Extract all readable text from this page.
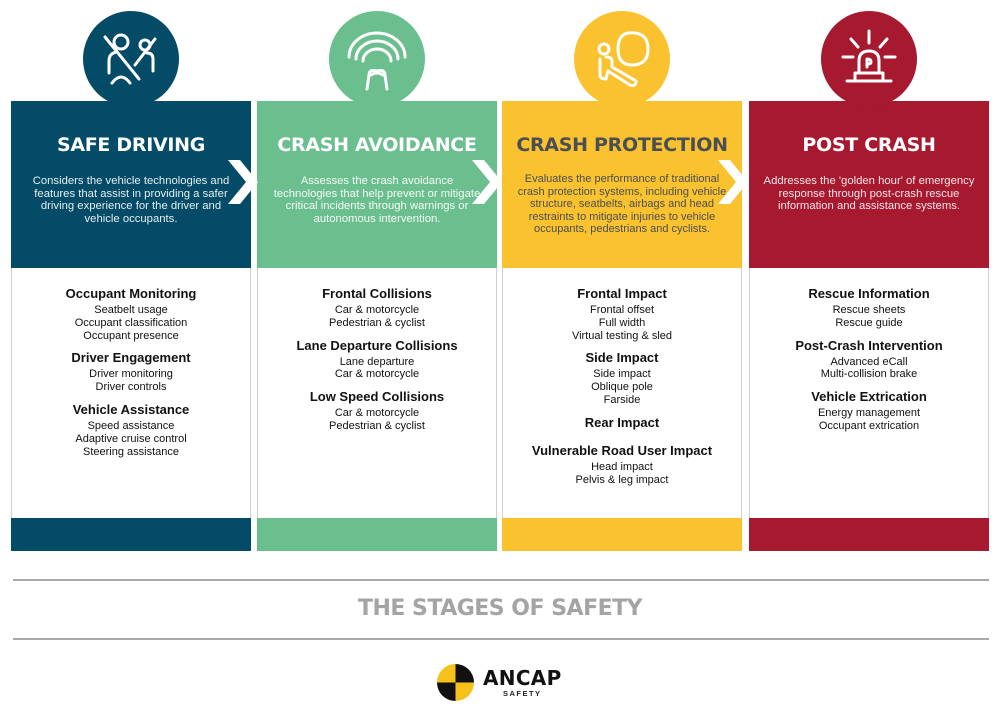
SAFE DRIVING
Considers the vehicle technologies and features that assist in providing a safer driving experience for the driver and vehicle occupants.
Occupant Monitoring
Seatbelt usage
Occupant classification
Occupant presence
Driver Engagement
Driver monitoring
Driver controls
Vehicle Assistance
Speed assistance
Adaptive cruise control
Steering assistance
CRASH AVOIDANCE
Assesses the crash avoidance technologies that help prevent or mitigate critical incidents through warnings or autonomous intervention.
Frontal Collisions
Car & motorcycle
Pedestrian & cyclist
Lane Departure Collisions
Lane departure
Car & motorcycle
Low Speed Collisions
Car & motorcycle
Pedestrian & cyclist
CRASH PROTECTION
Evaluates the performance of traditional crash protection systems, including vehicle structure, seatbelts, airbags and head restraints to mitigate injuries to vehicle occupants, pedestrians and cyclists.
Frontal Impact
Frontal offset
Full width
Virtual testing & sled
Side Impact
Side impact
Oblique pole
Farside
Rear Impact
Vulnerable Road User Impact
Head impact
Pelvis & leg impact
POST CRASH
Addresses the 'golden hour' of emergency response through post-crash rescue information and assistance systems.
Rescue Information
Rescue sheets
Rescue guide
Post-Crash Intervention
Advanced eCall
Multi-collision brake
Vehicle Extrication
Energy management
Occupant extrication
THE STAGES OF SAFETY
ANCAP
SAFETY
